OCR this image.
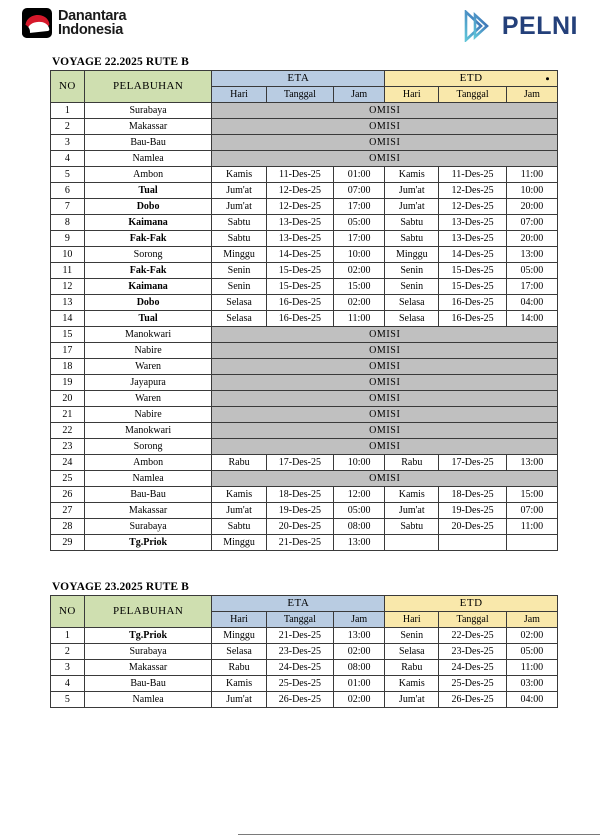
Danantara
Indonesia	PELNI
VOYAGE 22.2025 RUTE B
NO	PELABUHAN	ETA			ETD		

		Hari	Tanggal	Jam	Hari	Tanggal	Jam
1	Surabaya	OMISI					
2	Makassar	OMISI					
3	Bau-Bau	OMISI					
4	Namlea	OMISI					
5	Ambon	Kamis	11-Des-25	01:00	Kamis	11-Des-25	11:00
6	Tual	Jum'at	12-Des-25	07:00	Jum'at	12-Des-25	10:00
7	Dobo	Jum'at	12-Des-25	17:00	Jum'at	12-Des-25	20:00
8	Kaimana	Sabtu	13-Des-25	05:00	Sabtu	13-Des-25	07:00
9	Fak-Fak	Sabtu	13-Des-25	17:00	Sabtu	13-Des-25	20:00
10	Sorong	Minggu	14-Des-25	10:00	Minggu	14-Des-25	13:00
11	Fak-Fak	Senin	15-Des-25	02:00	Senin	15-Des-25	05:00
12	Kaimana	Senin	15-Des-25	15:00	Senin	15-Des-25	17:00
13	Dobo	Selasa	16-Des-25	02:00	Selasa	16-Des-25	04:00
14	Tual	Selasa	16-Des-25	11:00	Selasa	16-Des-25	14:00
15	Manokwari	OMISI					
17	Nabire	OMISI					
18	Waren	OMISI					
19	Jayapura	OMISI					
20	Waren	OMISI					
21	Nabire	OMISI					
22	Manokwari	OMISI					
23	Sorong	OMISI					
24	Ambon	Rabu	17-Des-25	10:00	Rabu	17-Des-25	13:00
25	Namlea	OMISI					
26	Bau-Bau	Kamis	18-Des-25	12:00	Kamis	18-Des-25	15:00
27	Makassar	Jum'at	19-Des-25	05:00	Jum'at	19-Des-25	07:00
28	Surabaya	Sabtu	20-Des-25	08:00	Sabtu	20-Des-25	11:00
29	Tg.Priok	Minggu	21-Des-25	13:00			
VOYAGE 23.2025 RUTE B
NO	PELABUHAN	ETA			ETD		
		Hari	Tanggal	Jam	Hari	Tanggal	Jam
1	Tg.Priok	Minggu	21-Des-25	13:00	Senin	22-Des-25	02:00
2	Surabaya	Selasa	23-Des-25	02:00	Selasa	23-Des-25	05:00
3	Makassar	Rabu	24-Des-25	08:00	Rabu	24-Des-25	11:00
4	Bau-Bau	Kamis	25-Des-25	01:00	Kamis	25-Des-25	03:00
5	Namlea	Jum'at	26-Des-25	02:00	Jum'at	26-Des-25	04:00
